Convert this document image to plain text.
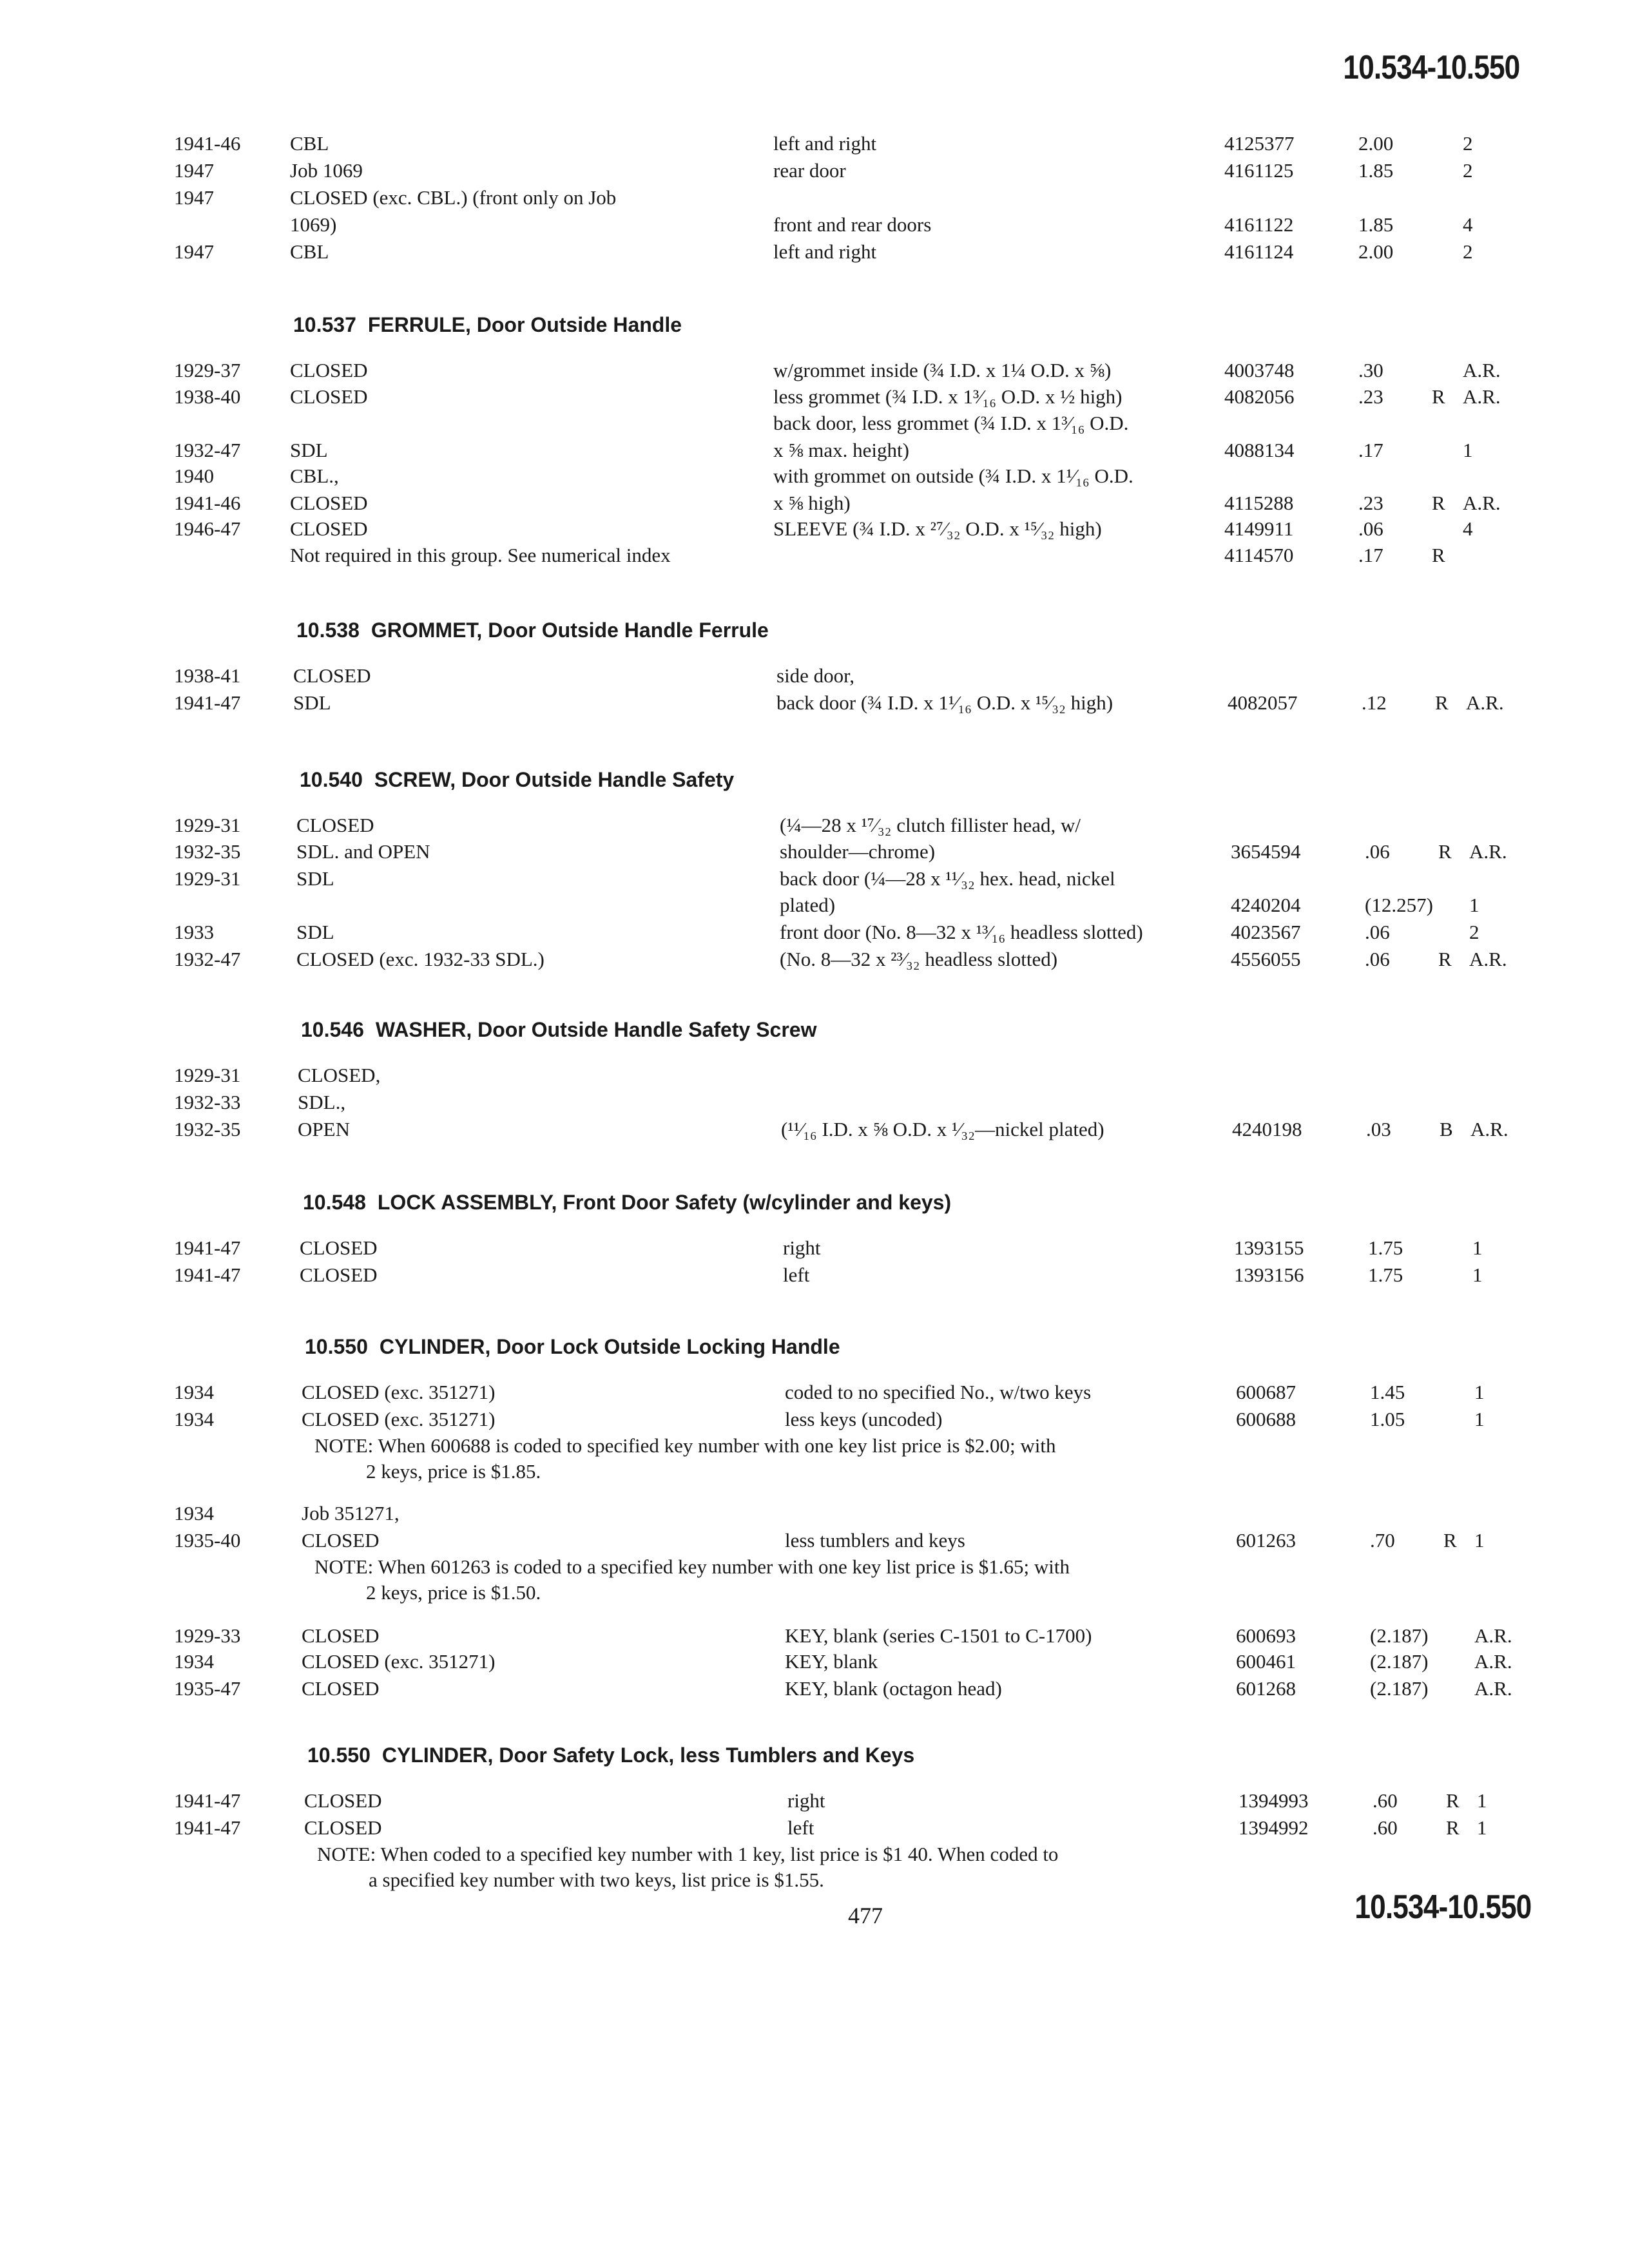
10.534-10.550
1941-46 CBL	left and right	4125377	2.00	2
1947	Job 1069	rear door	4161125	1.85	2
1947	CLOSED (exc. CBL.) (front only on Job
1069)	front and rear doors	4161122	1.85	4
1947	CBL	left and right	4161124	2.00	2
10.537 FERRULE, Door Outside Handle
1929-37 CLOSED	w/grommet inside (¾ I.D. x 1¼ O.D. x ⅝)	4003748	.30	A.R.
1938-40 CLOSED	less grommet (¾ I.D. x 1³⁄₁₆ O.D. x ½ high)	4082056	.23 R A.R.
back door, less grommet (¾ I.D. x 1³⁄₁₆ O.D.
1932-47 SDL	x ⅝ max. height)	4088134	.17	1
1940	CBL.,	with grommet on outside (¾ I.D. x 1¹⁄₁₆ O.D.
1941-46 CLOSED	x ⅝ high)	4115288	.23 R A.R.
1946-47 CLOSED	SLEEVE (¾ I.D. x ²⁷⁄₃₂ O.D. x ¹⁵⁄₃₂ high)	4149911	.06	4
Not required in this group. See numerical index	4114570	.17 R
10.538 GROMMET, Door Outside Handle Ferrule
1938-41	CLOSED	side door,
1941-47	SDL	back door (¾ I.D. x 1¹⁄₁₆ O.D. x ¹⁵⁄₃₂ high)	4082057	.12 R A.R.
10.540 SCREW, Door Outside Handle Safety
1929-31	CLOSED	(¼—28 x ¹⁷⁄₃₂ clutch fillister head, w/
1932-35	SDL. and OPEN	shoulder—chrome)	3654594	.06 R A.R.
1929-31	SDL	back door (¼—28 x ¹¹⁄₃₂ hex. head, nickel
plated)	4240204	(12.257) 1
1933	SDL	front door (No. 8—32 x ¹³⁄₁₆ headless slotted)	4023567	.06	2
1932-47	CLOSED (exc. 1932-33 SDL.)	(No. 8—32 x ²³⁄₃₂ headless slotted)	4556055	.06 R A.R.
10.546 WASHER, Door Outside Handle Safety Screw
1929-31	CLOSED,
1932-33	SDL.,
1932-35	OPEN	(¹¹⁄₁₆ I.D. x ⅝ O.D. x ¹⁄₃₂—nickel plated)	4240198	.03 B A.R.
10.548 LOCK ASSEMBLY, Front Door Safety (w/cylinder and keys)
1941-47	CLOSED	right	1393155	1.75	1
1941-47	CLOSED	left	1393156	1.75	1
10.550 CYLINDER, Door Lock Outside Locking Handle
1934	CLOSED (exc. 351271)	coded to no specified No., w/two keys	600687	1.45	1
1934	CLOSED (exc. 351271)	less keys (uncoded)	600688	1.05	1
NOTE: When 600688 is coded to specified key number with one key list price is $2.00; with
2 keys, price is $1.85.
1934	Job 351271,
1935-40	CLOSED	less tumblers and keys	601263	.70 R 1
NOTE: When 601263 is coded to a specified key number with one key list price is $1.65; with
2 keys, price is $1.50.
1929-33	CLOSED	KEY, blank (series C-1501 to C-1700)	600693	(2.187) A.R.
1934	CLOSED (exc. 351271)	KEY, blank	600461	(2.187) A.R.
1935-47	CLOSED	KEY, blank (octagon head)	601268	(2.187) A.R.
10.550 CYLINDER, Door Safety Lock, less Tumblers and Keys
1941-47	CLOSED	right	1394993	.60 R 1
1941-47	CLOSED	left	1394992	.60 R 1
NOTE: When coded to a specified key number with 1 key, list price is $1 40. When coded to
a specified key number with two keys, list price is $1.55.
477	10.534-10.550
